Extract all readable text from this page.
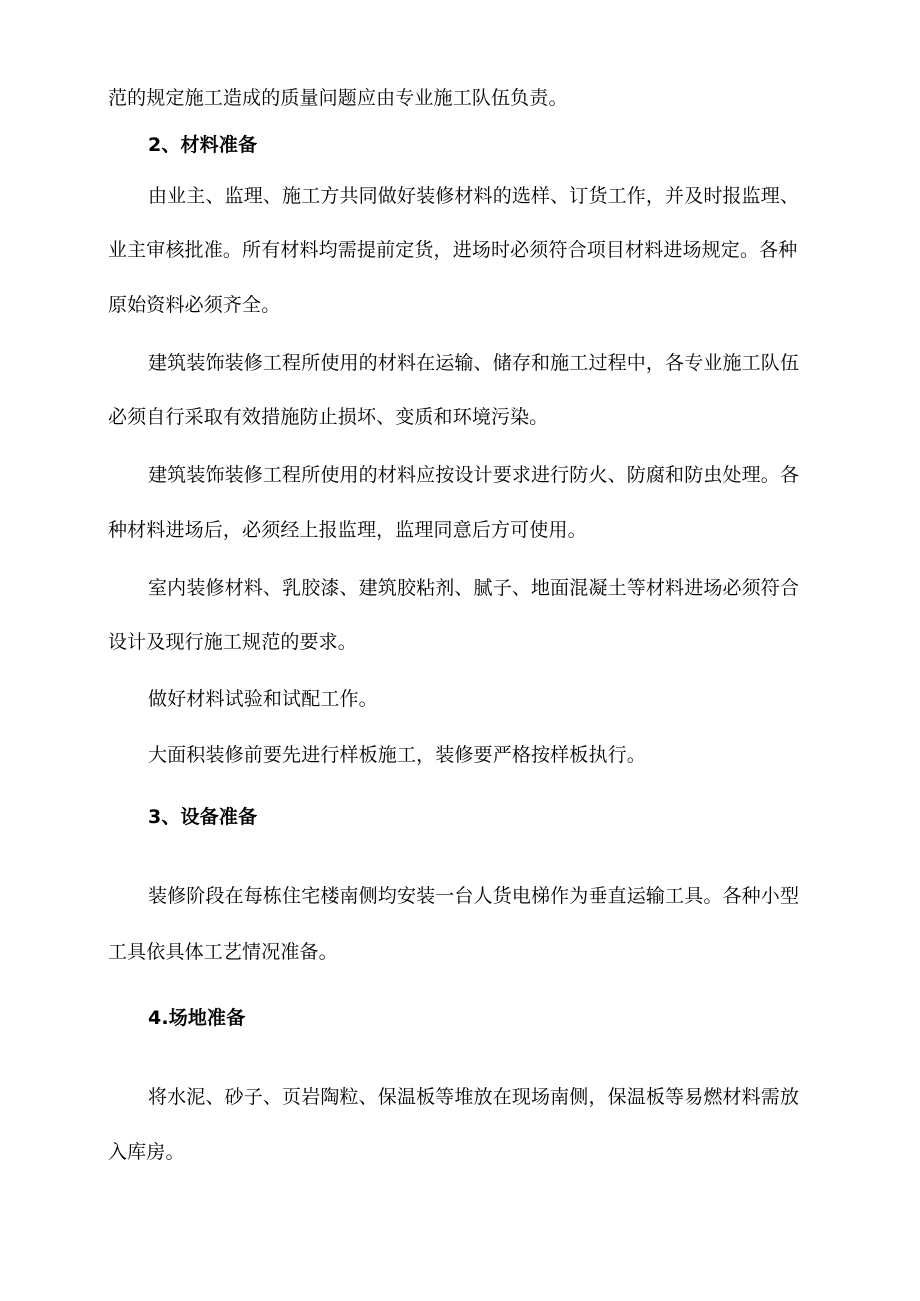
范的规定施工造成的质量问题应由专业施工队伍负责。
2、材料准备
由业主、监理、施工方共同做好装修材料的选样、订货工作，并及时报监理、
业主审核批准。所有材料均需提前定货，进场时必须符合项目材料进场规定。各种
原始资料必须齐全。
建筑装饰装修工程所使用的材料在运输、储存和施工过程中，各专业施工队伍
必须自行采取有效措施防止损坏、变质和环境污染。
建筑装饰装修工程所使用的材料应按设计要求进行防火、防腐和防虫处理。各
种材料进场后，必须经上报监理，监理同意后方可使用。
室内装修材料、乳胶漆、建筑胶粘剂、腻子、地面混凝土等材料进场必须符合
设计及现行施工规范的要求。
做好材料试验和试配工作。
大面积装修前要先进行样板施工，装修要严格按样板执行。
3、设备准备
装修阶段在每栋住宅楼南侧均安装一台人货电梯作为垂直运输工具。各种小型
工具依具体工艺情况准备。
4.场地准备
将水泥、砂子、页岩陶粒、保温板等堆放在现场南侧，保温板等易燃材料需放
入库房。
